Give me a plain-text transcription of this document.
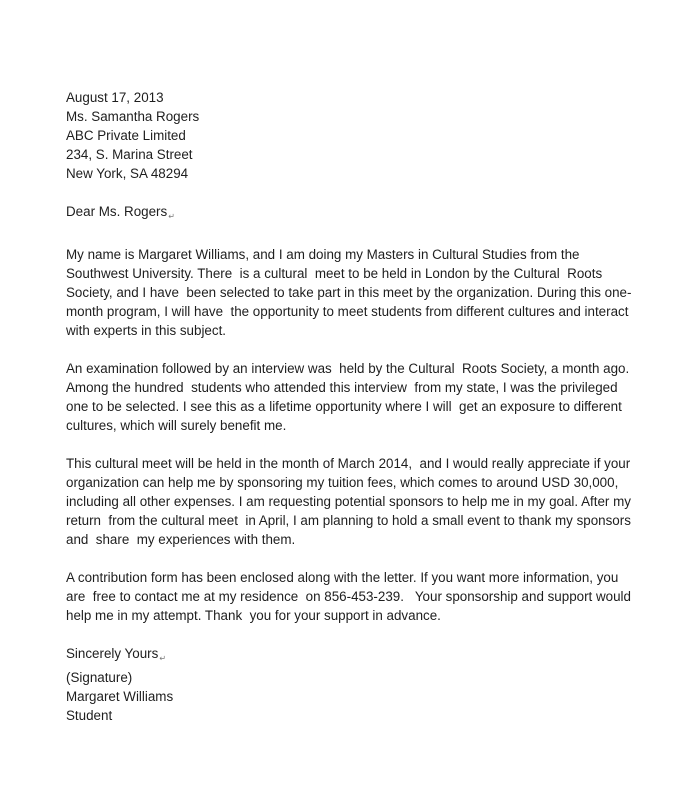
August 17, 2013
Ms. Samantha Rogers
ABC Private Limited
234, S. Marina Street
New York, SA 48294
Dear Ms. Rogers$_↵$
My name is Margaret Williams, and I am doing my Masters in Cultural Studies from the
Southwest University. There  is a cultural  meet to be held in London by the Cultural  Roots
Society, and I have  been selected to take part in this meet by the organization. During this one-
month program, I will have  the opportunity to meet students from different cultures and interact
with experts in this subject.
An examination followed by an interview was  held by the Cultural  Roots Society, a month ago.
Among the hundred  students who attended this interview  from my state, I was the privileged
one to be selected. I see this as a lifetime opportunity where I will  get an exposure to different
cultures, which will surely benefit me.
This cultural meet will be held in the month of March 2014,  and I would really appreciate if your
organization can help me by sponsoring my tuition fees, which comes to around USD 30,000,
including all other expenses. I am requesting potential sponsors to help me in my goal. After my
return  from the cultural meet  in April, I am planning to hold a small event to thank my sponsors
and  share  my experiences with them.
A contribution form has been enclosed along with the letter. If you want more information, you
are  free to contact me at my residence  on 856-453-239.   Your sponsorship and support would
help me in my attempt. Thank  you for your support in advance.
Sincerely Yours$_↵$
(Signature)
Margaret Williams
Student
